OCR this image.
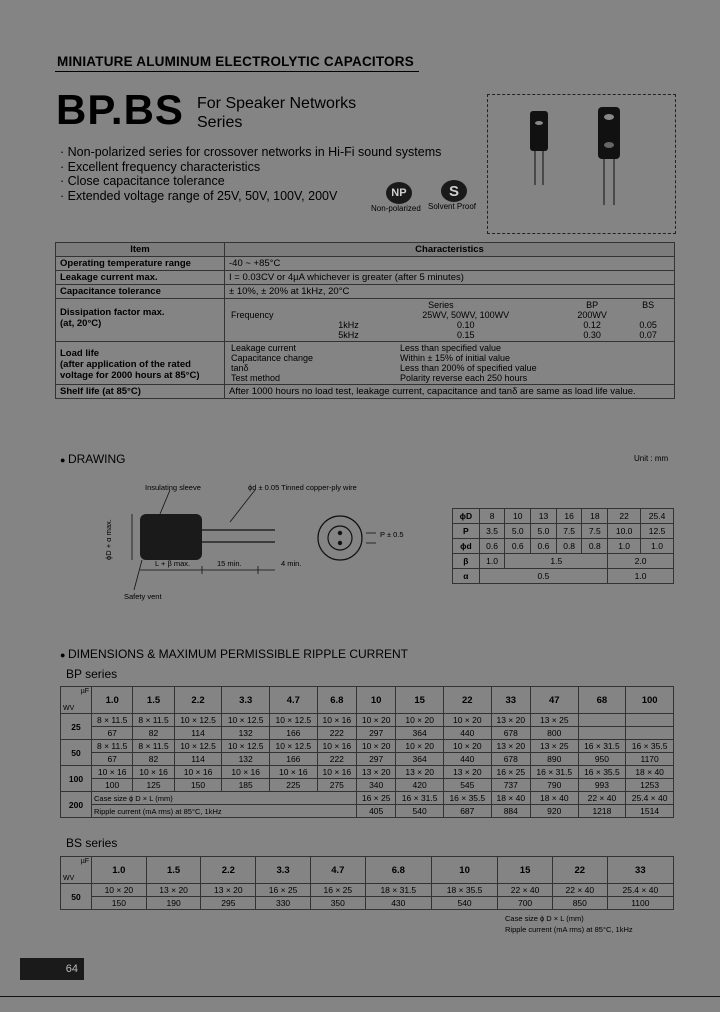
MINIATURE ALUMINUM ELECTROLYTIC CAPACITORS
BP.BS For Speaker Networks
Series
· Non-polarized series for crossover networks in Hi-Fi sound systems
· Excellent frequency characteristics
· Close capacitance tolerance
· Extended voltage range of 25V, 50V, 100V, 200V	NP
Non-polarized
S
Solvent Proof
Item	Characteristics
Operating temperature range	-40 ~ +85°C
Leakage current max.	I = 0.03CV or 4µA whichever is greater (after 5 minutes)
Capacitance tolerance	± 10%, ± 20% at 1kHz, 20°C

Dissipation factor max.
(at, 20°C)

	Series	BP	BS
Frequency		25WV, 50WV, 100WV	200WV	
	1kHz	0.10	0.12	0.05
	5kHz	0.15	0.30	0.07

Load life
(after application of the rated
voltage for 2000 hours at 85°C)

Leakage current	Less than specified value
Capacitance change	Within ± 15% of initial value
tanδ	Less than 200% of specified value
Test method	Polarity reverse each 250 hours

Shelf life (at 85°C)	After 1000 hours no load test, leakage current, capacitance and tanδ are same as load life value.
● DRAWING	Unit : mm
Insulating sleeve	ϕd ± 0.05 Tinned copper-ply wire
ϕD + α max.
L + β max.	15 min.	4 min.
Safety vent
P ± 0.5
ϕD	8	10	13	16	18	22	25.4
P	3.5	5.0	5.0	7.5	7.5	10.0	12.5
ϕd	0.6	0.6	0.6	0.8	0.8	1.0	1.0
β	1.0	1.5				2.0	
α	0.5					1.0	
● DIMENSIONS & MAXIMUM PERMISSIBLE RIPPLE CURRENT
BP series
µF
WV	1.0	1.5	2.2	3.3	4.7	6.8	10	15	22	33	47	68	100
25	8 × 11.5	8 × 11.5	10 × 12.5	10 × 12.5	10 × 12.5	10 × 16	10 × 20	10 × 20	10 × 20	13 × 20	13 × 25		
	67	82	114	132	166	222	297	364	440	678	800		
50	8 × 11.5	8 × 11.5	10 × 12.5	10 × 12.5	10 × 12.5	10 × 16	10 × 20	10 × 20	10 × 20	13 × 20	13 × 25	16 × 31.5	16 × 35.5
	67	82	114	132	166	222	297	364	440	678	890	950	1170
100	10 × 16	10 × 16	10 × 16	10 × 16	10 × 16	10 × 16	13 × 20	13 × 20	13 × 20	16 × 25	16 × 31.5	16 × 35.5	18 × 40
	100	125	150	185	225	275	340	420	545	737	790	993	1253
200	Case size ϕ D × L (mm)						16 × 25	16 × 31.5	16 × 35.5	18 × 40	18 × 40	22 × 40	25.4 × 40
	Ripple current (mA rms) at 85°C, 1kHz						405	540	687	884	920	1218	1514
BS series
µF
WV	1.0	1.5	2.2	3.3	4.7	6.8	10	15	22	33
50	10 × 20	13 × 20	13 × 20	16 × 25	16 × 25	18 × 31.5	18 × 35.5	22 × 40	22 × 40	25.4 × 40
	150	190	295	330	350	430	540	700	850	1100
Case size ϕ D × L (mm)
Ripple current (mA rms) at 85°C, 1kHz
64
